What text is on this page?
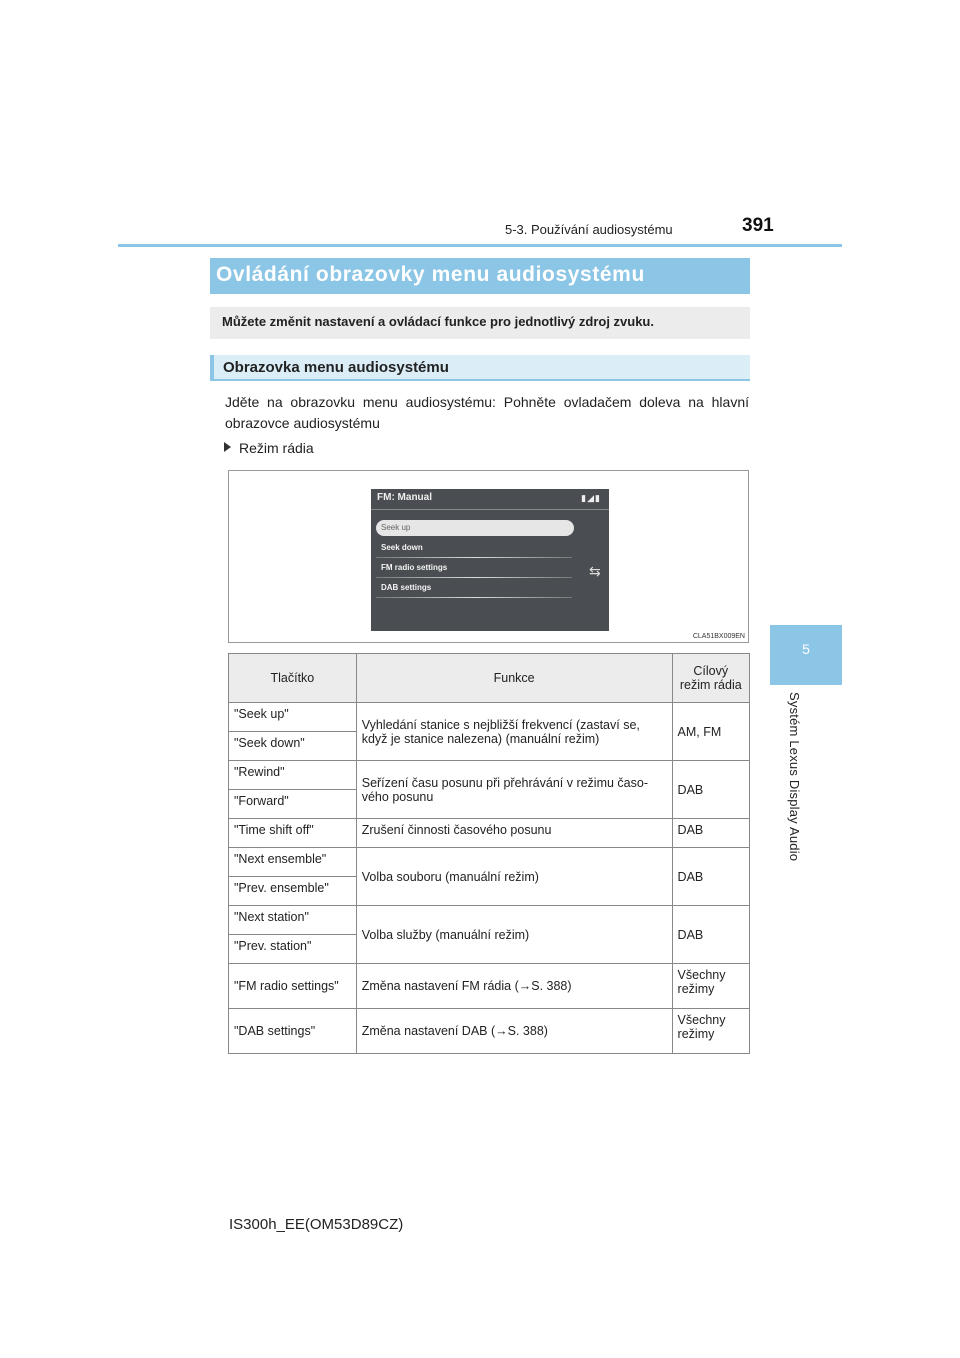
5-3. Používání audiosystému	391
5
Systém Lexus Display Audio
Ovládání obrazovky menu audiosystému
Můžete změnit nastavení a ovládací funkce pro jednotlivý zdroj zvuku.
Obrazovka menu audiosystému
Jděte na obrazovku menu audiosystému: Pohněte ovladačem doleva na hlavní obrazovce audiosystému
Režim rádia
FM: Manual	▮◢▮
Seek up
Seek down
FM radio settings
DAB settings
⇆
CLA51BX009EN
Tlačítko	Funkce	Cílový režim rádia
"Seek up"	Vyhledání stanice s nejbližší frekvencí (zastaví se, když je stanice nalezena) (manuální režim)	AM, FM
"Seek down"		
"Rewind"	Seřízení času posunu při přehrávání v režimu časo-vého posunu	DAB
"Forward"		
"Time shift off"	Zrušení činnosti časového posunu	DAB
"Next ensemble"	Volba souboru (manuální režim)	DAB
"Prev. ensemble"		
"Next station"	Volba služby (manuální režim)	DAB
"Prev. station"		
"FM radio settings"	Změna nastavení FM rádia (→S. 388)	Všechny režimy
"DAB settings"	Změna nastavení DAB (→S. 388)	Všechny režimy
IS300h_EE(OM53D89CZ)
